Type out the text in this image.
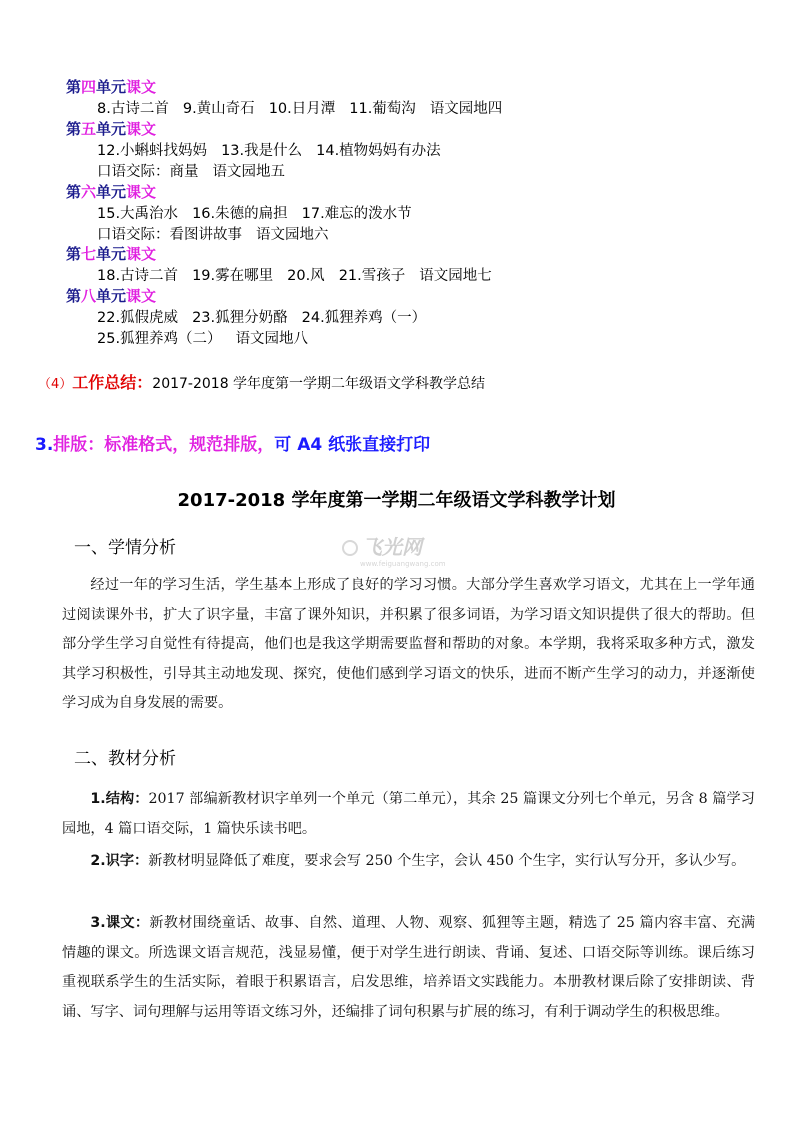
第四单元课文
8.古诗二首 9.黄山奇石 10.日月潭 11.葡萄沟 语文园地四
第五单元课文
12.小蝌蚪找妈妈 13.我是什么 14.植物妈妈有办法
口语交际：商量 语文园地五
第六单元课文
15.大禹治水 16.朱德的扁担 17.难忘的泼水节
口语交际：看图讲故事 语文园地六
第七单元课文
18.古诗二首 19.雾在哪里 20.风 21.雪孩子 语文园地七
第八单元课文
22.狐假虎威 23.狐狸分奶酪 24.狐狸养鸡（一）
25.狐狸养鸡（二） 语文园地八
（4）工作总结：2017-2018 学年度第一学期二年级语文学科教学总结
3.排版：标准格式，规范排版，可 A4 纸张直接打印
2017-2018 学年度第一学期二年级语文学科教学计划
飞光网
www.feiguangwang.com
一、学情分析
经过一年的学习生活，学生基本上形成了良好的学习习惯。大部分学生喜欢学习语文，尤其在上一学年通过阅读课外书，扩大了识字量，丰富了课外知识，并积累了很多词语，为学习语文知识提供了很大的帮助。但部分学生学习自觉性有待提高，他们也是我这学期需要监督和帮助的对象。本学期，我将采取多种方式，激发其学习积极性，引导其主动地发现、探究，使他们感到学习语文的快乐，进而不断产生学习的动力，并逐渐使学习成为自身发展的需要。
二、教材分析
1.结构：2017 部编新教材识字单列一个单元（第二单元），其余 25 篇课文分列七个单元，另含 8 篇学习园地，4 篇口语交际，1 篇快乐读书吧。
2.识字：新教材明显降低了难度，要求会写 250 个生字，会认 450 个生字，实行认写分开，多认少写。
3.课文：新教材围绕童话、故事、自然、道理、人物、观察、狐狸等主题，精选了 25 篇内容丰富、充满情趣的课文。所选课文语言规范，浅显易懂，便于对学生进行朗读、背诵、复述、口语交际等训练。课后练习重视联系学生的生活实际，着眼于积累语言，启发思维，培养语文实践能力。本册教材课后除了安排朗读、背诵、写字、词句理解与运用等语文练习外，还编排了词句积累与扩展的练习，有利于调动学生的积极思维。
